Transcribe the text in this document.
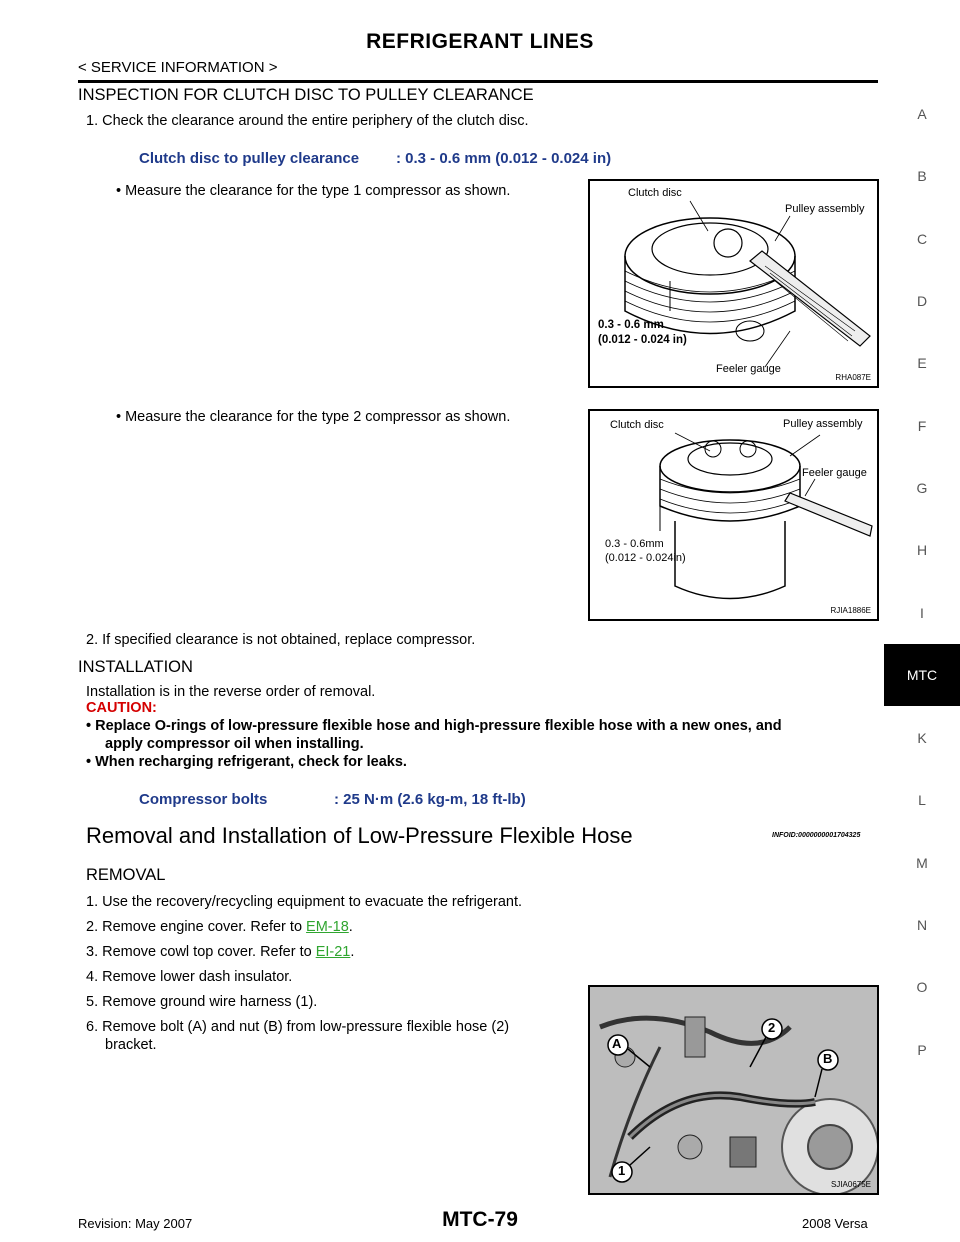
REFRIGERANT LINES
< SERVICE INFORMATION >
INSPECTION FOR CLUTCH DISC TO PULLEY CLEARANCE
1. Check the clearance around the entire periphery of the clutch disc.
Clutch disc to pulley clearance : 0.3 - 0.6 mm (0.012 - 0.024 in)
• Measure the clearance for the type 1 compressor as shown.	Clutch disc
Pulley assembly
0.3 - 0.6 mm
(0.012 - 0.024 in)
Feeler gauge
RHA087E
• Measure the clearance for the type 2 compressor as shown.	Clutch disc	Pulley assembly
Feeler gauge
0.3 - 0.6mm
(0.012 - 0.024in)
RJIA1886E
2. If specified clearance is not obtained, replace compressor.
INSTALLATION
Installation is in the reverse order of removal.
CAUTION:
• Replace O-rings of low-pressure flexible hose and high-pressure flexible hose with a new ones, and
apply compressor oil when installing.
• When recharging refrigerant, check for leaks.
Compressor bolts	: 25 N·m (2.6 kg-m, 18 ft-lb)
Removal and Installation of Low-Pressure Flexible Hose	INFOID:0000000001704325
REMOVAL
1. Use the recovery/recycling equipment to evacuate the refrigerant.
2. Remove engine cover. Refer to EM-18.
3. Remove cowl top cover. Refer to EI-21.
4. Remove lower dash insulator.
5. Remove ground wire harness (1).
6. Remove bolt (A) and nut (B) from low-pressure flexible hose (2)
bracket.	A
2
B
1
SJIA0675E
A
B
C
D
E
F
G
H
I
MTC
K
L
M
N
O
P
Revision: May 2007	MTC-79	2008 Versa
